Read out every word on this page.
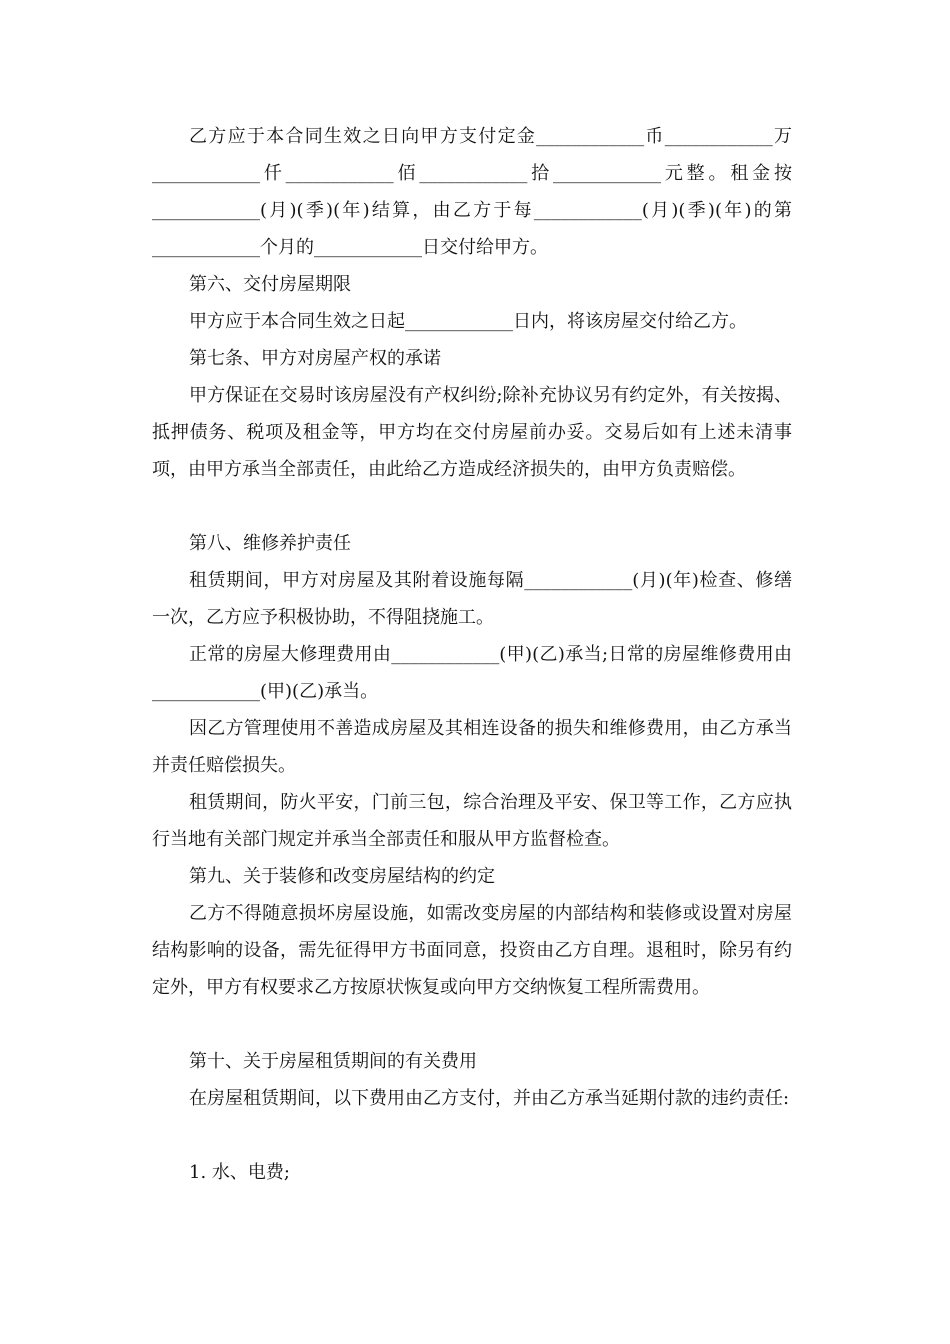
乙方应于本合同生效之日向甲方支付定金____________币____________万____________仟____________佰____________拾____________元整。租金按____________(月)(季)(年)结算，由乙方于每____________(月)(季)(年)的第____________个月的____________日交付给甲方。

第六、交付房屋期限

甲方应于本合同生效之日起____________日内，将该房屋交付给乙方。

第七条、甲方对房屋产权的承诺

甲方保证在交易时该房屋没有产权纠纷;除补充协议另有约定外，有关按揭、抵押债务、税项及租金等，甲方均在交付房屋前办妥。交易后如有上述未清事项，由甲方承当全部责任，由此给乙方造成经济损失的，由甲方负责赔偿。

第八、维修养护责任

租赁期间，甲方对房屋及其附着设施每隔____________(月)(年)检查、修缮一次，乙方应予积极协助，不得阻挠施工。

正常的房屋大修理费用由____________(甲)(乙)承当;日常的房屋维修费用由____________(甲)(乙)承当。

因乙方管理使用不善造成房屋及其相连设备的损失和维修费用，由乙方承当并责任赔偿损失。

租赁期间，防火平安，门前三包，综合治理及平安、保卫等工作，乙方应执行当地有关部门规定并承当全部责任和服从甲方监督检查。

第九、关于装修和改变房屋结构的约定

乙方不得随意损坏房屋设施，如需改变房屋的内部结构和装修或设置对房屋结构影响的设备，需先征得甲方书面同意，投资由乙方自理。退租时，除另有约定外，甲方有权要求乙方按原状恢复或向甲方交纳恢复工程所需费用。

第十、关于房屋租赁期间的有关费用

在房屋租赁期间，以下费用由乙方支付，并由乙方承当延期付款的违约责任:

1. 水、电费;
